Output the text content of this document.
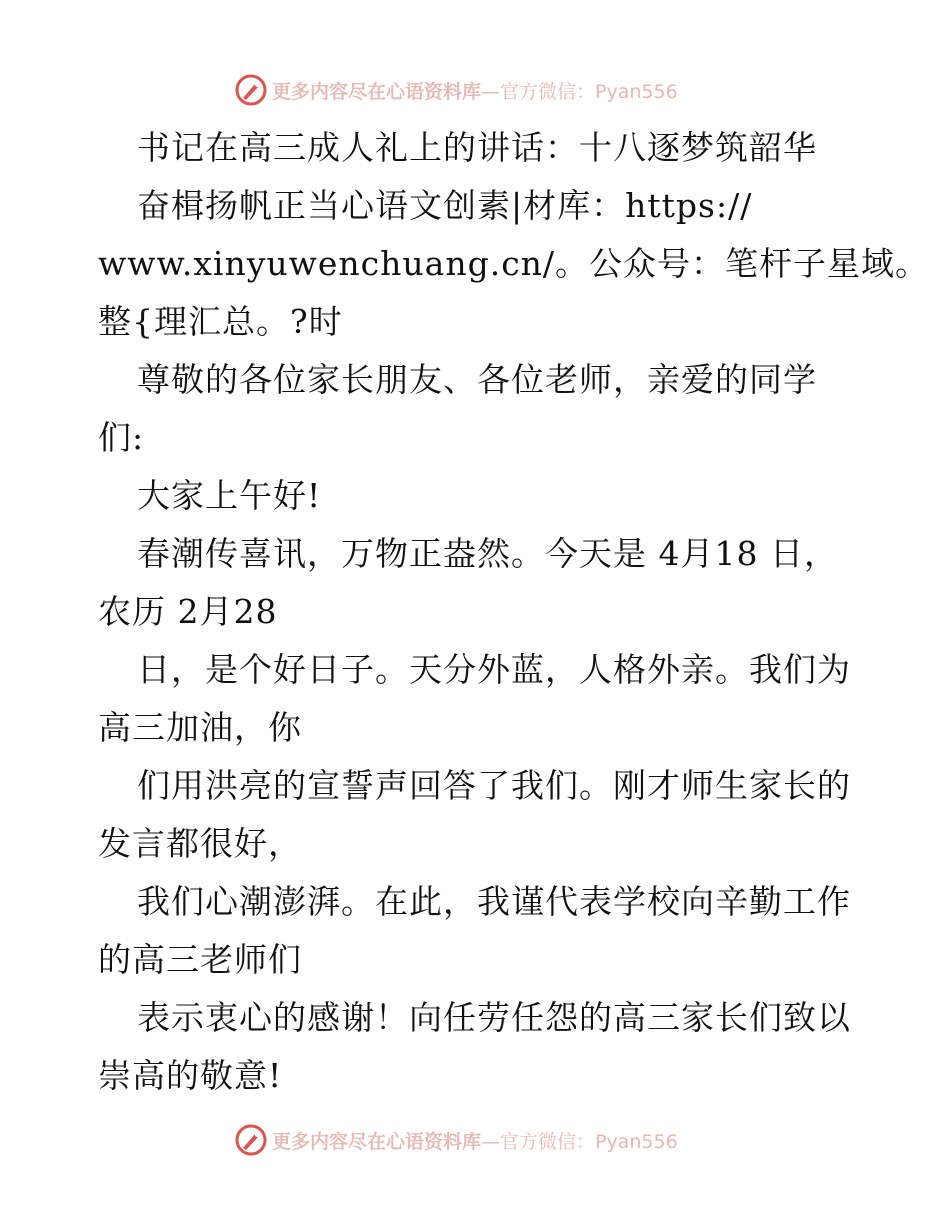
更多内容尽在心语资料库 —官方微信：Pyan556
书记在高三成人礼上的讲话：十八逐梦筑韶华
奋楫扬帆正当心语文创素|材库：https://
www.xinyuwenchuang.cn/。公众号：笔杆子星域。
整{理汇总。?时
尊敬的各位家长朋友、各位老师，亲爱的同学
们:
大家上午好!
春潮传喜讯，万物正盎然。今天是 4月18 日，
农历 2月28
日，是个好日子。天分外蓝，人格外亲。我们为
高三加油，你
们用洪亮的宣誓声回答了我们。刚才师生家长的
发言都很好，
我们心潮澎湃。在此，我谨代表学校向辛勤工作
的高三老师们
表示衷心的感谢！向任劳任怨的高三家长们致以
崇高的敬意!
更多内容尽在心语资料库 —官方微信：Pyan556
